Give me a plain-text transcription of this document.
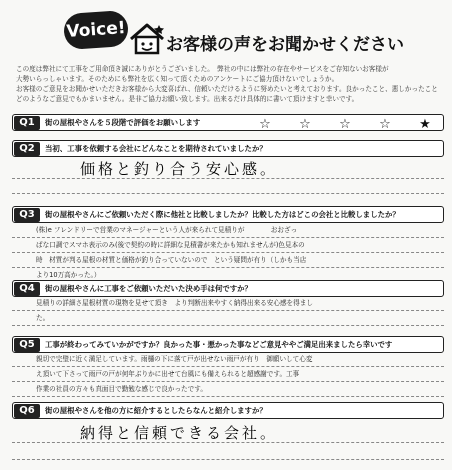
Voice!
お客様の声をお聞かせください
この度は弊社にて工事をご用命頂き誠にありがとうございました。　弊社の中には弊社の存在やサービスをご存知ないお客様が
大勢いらっしゃいます。そのためにも弊社を広く知って頂くためのアンケートにご協力頂けないでしょうか。
お客様のご意見をお聞かせいただきお客様から大変喜ばれ、信頼いただけるように努めたいと考えております。良かったこと、悪しかったこと
どのようなご意見でもかまいません。是非ご協力お願い致します。出来るだけ具体的に書いて頂けますと幸いです。
Q1	街の屋根やさんを５段階で評価をお願いします	☆ ☆ ☆ ☆ ★
Q2	当初、工事を依頼する会社にどんなことを期待されていましたか？
価格と釣り合う安心感。
Q3	街の屋根やさんにご依頼いただく際に他社と比較しましたか？比較した方はどこの会社と比較しましたか？
(株)e フレンドリーで営業のマネージャーという人が来られて見積りが　　　　おおざっ
ぱな口調でスマホ表示のみ(後で契約の時に詳細な見積書が来たかも知れませんが)色見本の
時　材質が判る屋根の材質と価格が釣り合っていないので　という疑問が有り（しかも当店
より10万高かった。）
Q4	街の屋根やさんに工事をご依頼いただいた決め手は何ですか？
見積りの詳細さ屋根材質の現物を見せて頂き　より判断出来やすく納得出来る安心感を得まし
た。
Q5	工事が終わってみていかがですか？良かった事・悪かった事などご意見ややご満足出来ましたら幸いです
親切で完璧に近く満足しています。雨樋の下に落て戸が出せない雨戸が有り　御願いして心変
え頂いて下さって雨戸の戸が何年ぶりかに出せて台風にも備えられると超感謝です。工事
作業の社員の方々も真面目で勤勉な感じで良かったです。
Q6	街の屋根やさんを他の方に紹介するとしたらなんと紹介しますか？
納得と信頼できる会社。
